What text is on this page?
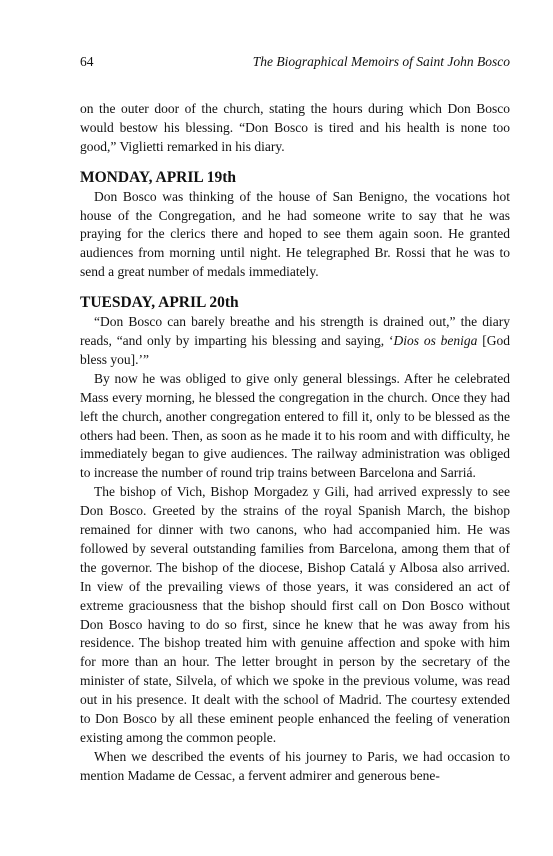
64	The Biographical Memoirs of Saint John Bosco

on the outer door of the church, stating the hours during which Don Bosco would bestow his blessing. “Don Bosco is tired and his health is none too good,” Viglietti remarked in his diary.

MONDAY, APRIL 19th

Don Bosco was thinking of the house of San Benigno, the vocations hot house of the Congregation, and he had someone write to say that he was praying for the clerics there and hoped to see them again soon. He granted audiences from morning until night. He telegraphed Br. Rossi that he was to send a great number of medals immediately.

TUESDAY, APRIL 20th

“Don Bosco can barely breathe and his strength is drained out,” the diary reads, “and only by imparting his blessing and saying, ‘Dios os beniga [God bless you].’”

By now he was obliged to give only general blessings. After he celebrated Mass every morning, he blessed the congregation in the church. Once they had left the church, another congregation entered to fill it, only to be blessed as the others had been. Then, as soon as he made it to his room and with difficulty, he immediately began to give audiences. The railway administration was obliged to increase the number of round trip trains between Barcelona and Sarriá.

The bishop of Vich, Bishop Morgadez y Gili, had arrived expressly to see Don Bosco. Greeted by the strains of the royal Spanish March, the bishop remained for dinner with two canons, who had accompanied him. He was followed by several outstanding families from Barcelona, among them that of the governor. The bishop of the diocese, Bishop Catalá y Albosa also arrived. In view of the prevailing views of those years, it was considered an act of extreme graciousness that the bishop should first call on Don Bosco without Don Bosco having to do so first, since he knew that he was away from his residence. The bishop treated him with genuine affection and spoke with him for more than an hour. The letter brought in person by the secretary of the minister of state, Silvela, of which we spoke in the previous volume, was read out in his presence. It dealt with the school of Madrid. The courtesy extended to Don Bosco by all these eminent people enhanced the feeling of veneration existing among the common people.

When we described the events of his journey to Paris, we had occasion to mention Madame de Cessac, a fervent admirer and generous bene-
